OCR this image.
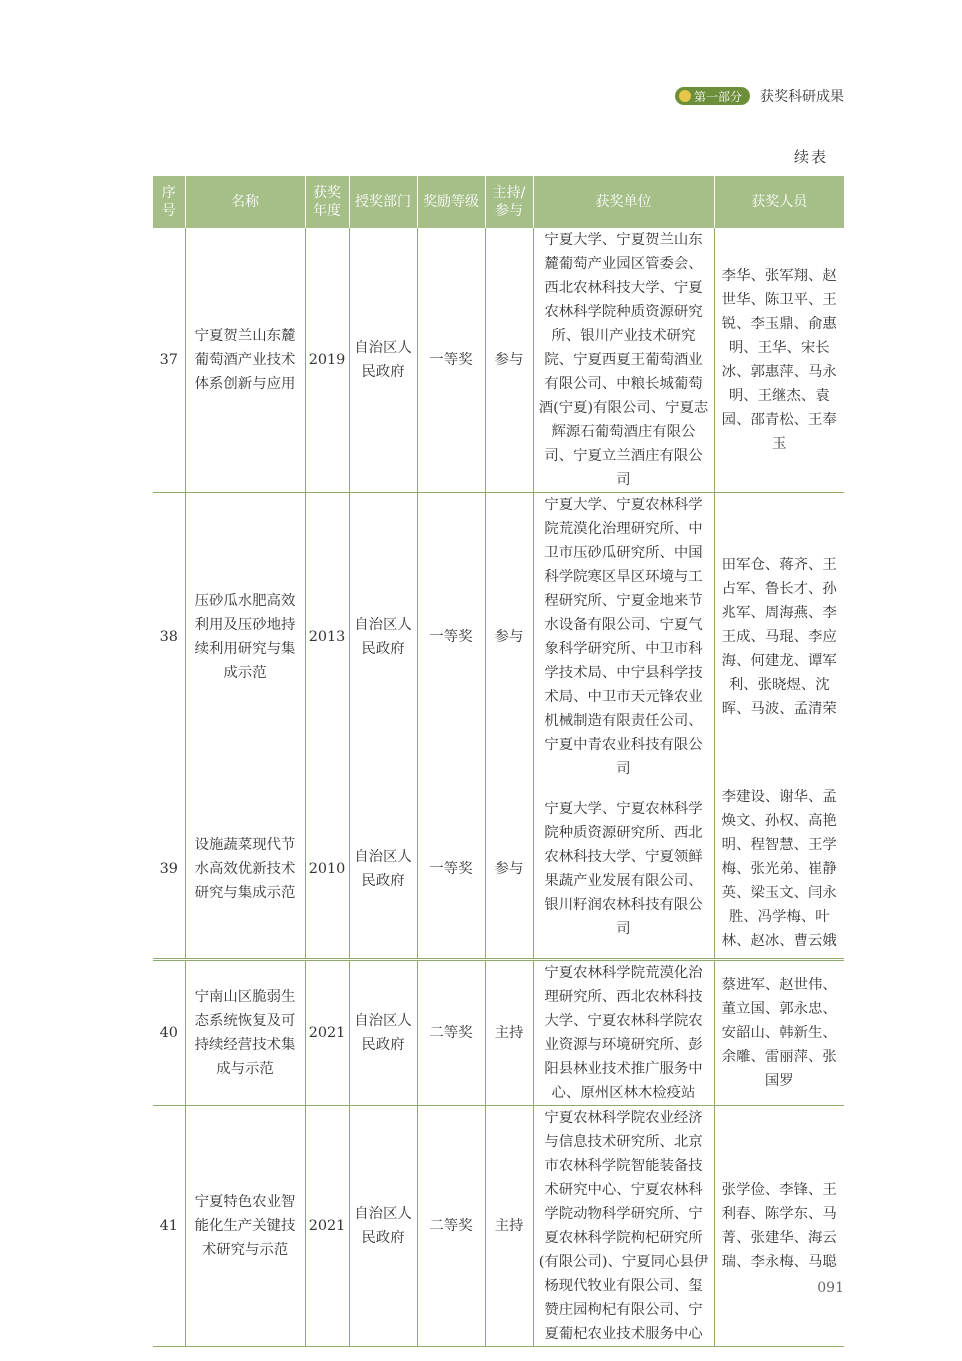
第一部分 获奖科研成果
续表
序号	名称	获奖年度	授奖部门	奖励等级	主持/参与	获奖单位	获奖人员
37	宁夏贺兰山东麓葡萄酒产业技术体系创新与应用	2019	自治区人民政府	一等奖	参与	宁夏大学、宁夏贺兰山东麓葡萄产业园区管委会、西北农林科技大学、宁夏农林科学院种质资源研究所、银川产业技术研究院、宁夏西夏王葡萄酒业有限公司、中粮长城葡萄酒(宁夏)有限公司、宁夏志辉源石葡萄酒庄有限公司、宁夏立兰酒庄有限公司	李华、张军翔、赵世华、陈卫平、王锐、李玉鼎、俞惠明、王华、宋长冰、郭惠萍、马永明、王继杰、袁园、邵青松、王奉玉
38	压砂瓜水肥高效利用及压砂地持续利用研究与集成示范	2013	自治区人民政府	一等奖	参与	宁夏大学、宁夏农林科学院荒漠化治理研究所、中卫市压砂瓜研究所、中国科学院寒区旱区环境与工程研究所、宁夏金地来节水设备有限公司、宁夏气象科学研究所、中卫市科学技术局、中宁县科学技术局、中卫市天元锋农业机械制造有限责任公司、宁夏中青农业科技有限公司	田军仓、蒋齐、王占军、鲁长才、孙兆军、周海燕、李王成、马琨、李应海、何建龙、谭军利、张晓煜、沈晖、马波、孟清荣
39	设施蔬菜现代节水高效优新技术研究与集成示范	2010	自治区人民政府	一等奖	参与	宁夏大学、宁夏农林科学院种质资源研究所、西北农林科技大学、宁夏领鲜果蔬产业发展有限公司、银川籽润农林科技有限公司	李建设、谢华、孟焕文、孙权、高艳明、程智慧、王学梅、张光弟、崔静英、梁玉文、闫永胜、冯学梅、叶林、赵冰、曹云娥
40	宁南山区脆弱生态系统恢复及可持续经营技术集成与示范	2021	自治区人民政府	二等奖	主持	宁夏农林科学院荒漠化治理研究所、西北农林科技大学、宁夏农林科学院农业资源与环境研究所、彭阳县林业技术推广服务中心、原州区林木检疫站	蔡进军、赵世伟、董立国、郭永忠、安韶山、韩新生、余雕、雷丽萍、张国罗
41	宁夏特色农业智能化生产关键技术研究与示范	2021	自治区人民政府	二等奖	主持	宁夏农林科学院农业经济与信息技术研究所、北京市农林科学院智能装备技术研究中心、宁夏农林科学院动物科学研究所、宁夏农林科学院枸杞研究所(有限公司)、宁夏同心县伊杨现代牧业有限公司、玺赞庄园枸杞有限公司、宁夏葡杞农业技术服务中心	张学俭、李锋、王利春、陈学东、马菁、张建华、海云瑞、李永梅、马聪
091
